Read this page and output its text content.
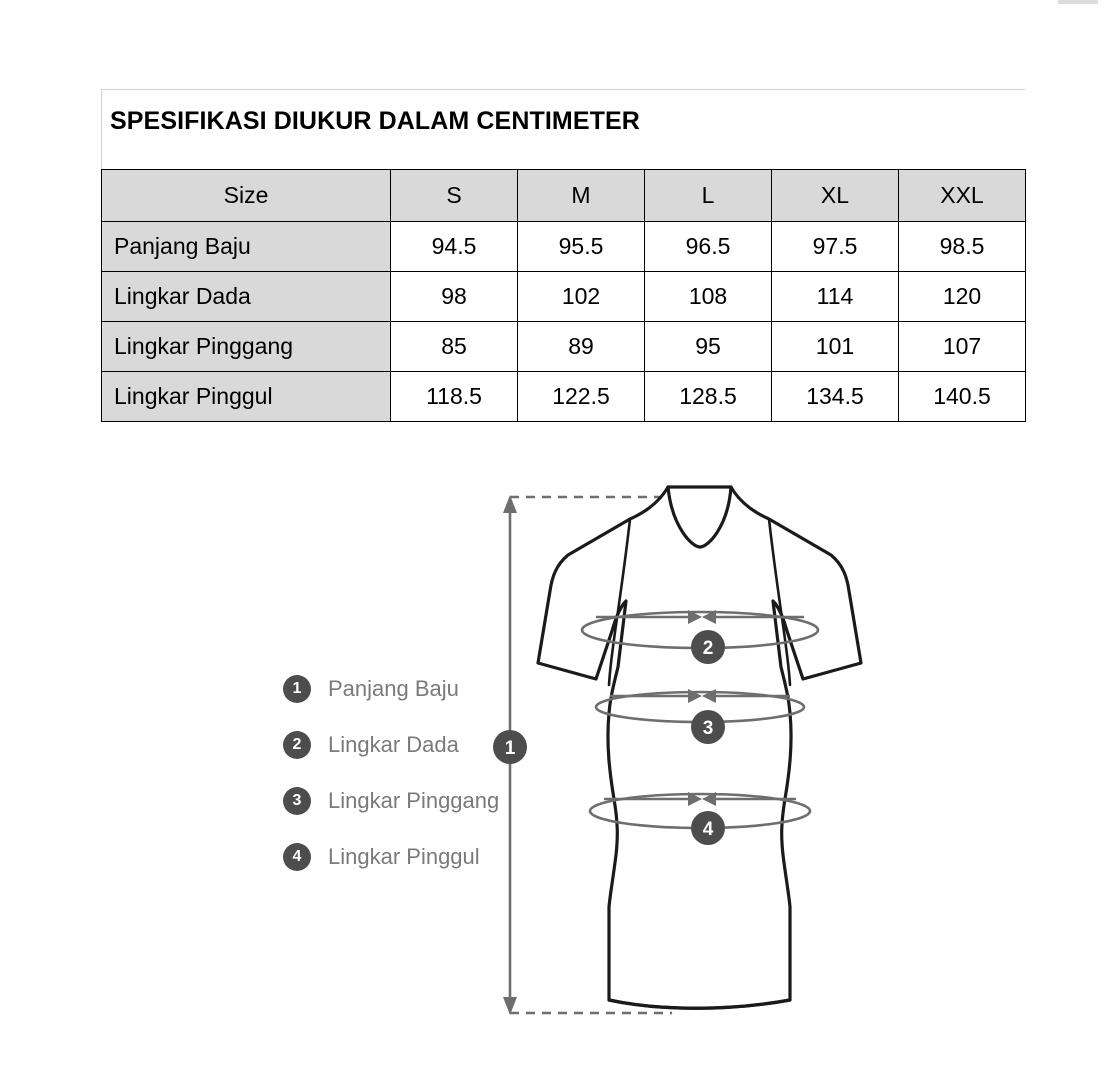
SPESIFIKASI DIUKUR DALAM CENTIMETER
Size	S	M	L	XL	XXL
Panjang Baju	94.5	95.5	96.5	97.5	98.5
Lingkar Dada	98	102	108	114	120
Lingkar Pinggang	85	89	95	101	107
Lingkar Pinggul	118.5	122.5	128.5	134.5	140.5
1	Panjang Baju
2	Lingkar Dada
3	Lingkar Pinggang
4	Lingkar Pinggul
2
3
4
1
